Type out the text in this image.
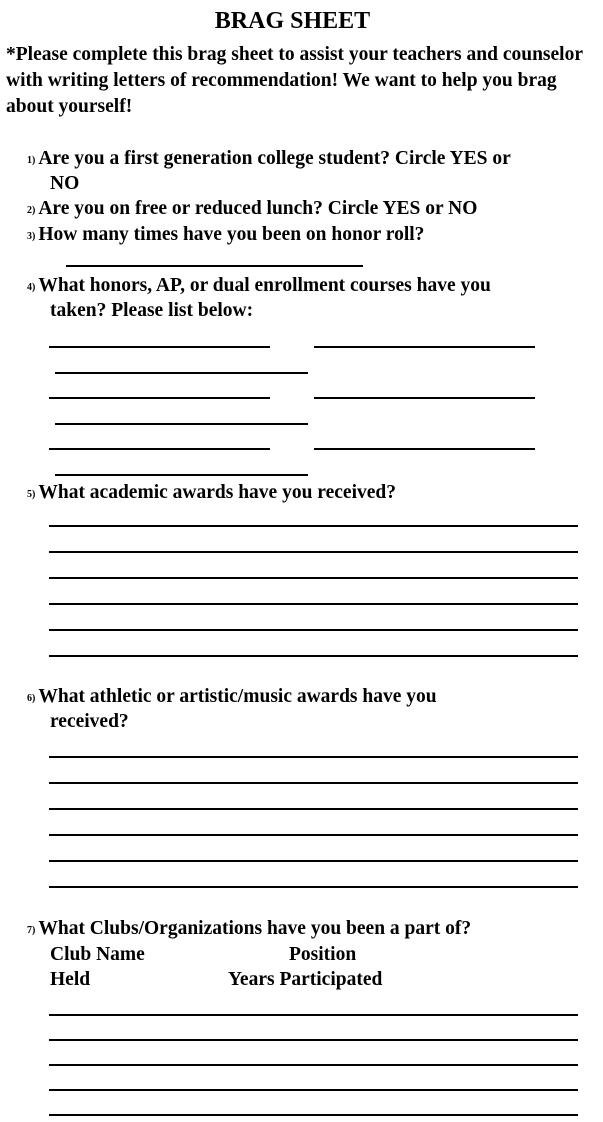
BRAG SHEET
*Please complete this brag sheet to assist your teachers and counselor with writing letters of recommendation! We want to help you brag about yourself!
1) Are you a first generation college student? Circle YES or
NO
2) Are you on free or reduced lunch? Circle YES or NO
3) How many times have you been on honor roll?
4) What honors, AP, or dual enrollment courses have you
taken? Please list below:
5) What academic awards have you received?
6) What athletic or artistic/music awards have you
received?
7) What Clubs/Organizations have you been a part of?
Club Name	Position
Held	Years Participated
